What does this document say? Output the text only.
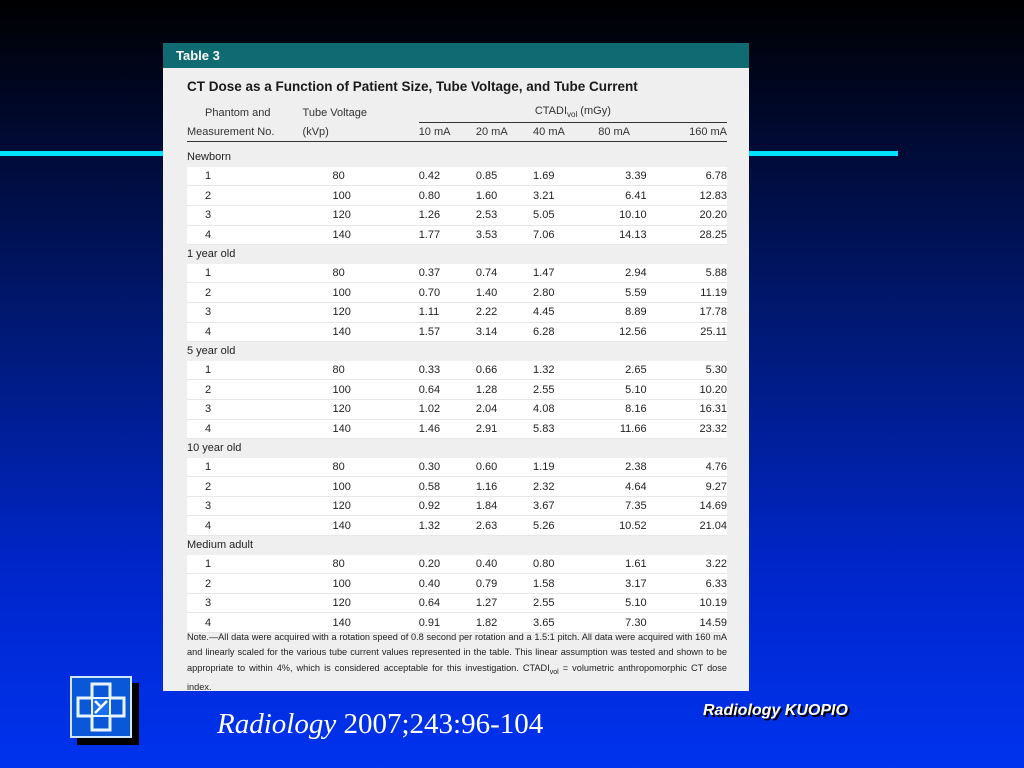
Table 3
CT Dose as a Function of Patient Size, Tube Voltage, and Tube Current
Phantom and	Tube Voltage	$CTADI_{vol}$ (mGy)				
Measurement No.	(kVp)	10 mA	20 mA	40 mA	80 mA	160 mA

Newborn						
1	80	0.42	0.85	1.69	3.39	6.78
2	100	0.80	1.60	3.21	6.41	12.83
3	120	1.26	2.53	5.05	10.10	20.20
4	140	1.77	3.53	7.06	14.13	28.25
1 year old						
1	80	0.37	0.74	1.47	2.94	5.88
2	100	0.70	1.40	2.80	5.59	11.19
3	120	1.11	2.22	4.45	8.89	17.78
4	140	1.57	3.14	6.28	12.56	25.11
5 year old						
1	80	0.33	0.66	1.32	2.65	5.30
2	100	0.64	1.28	2.55	5.10	10.20
3	120	1.02	2.04	4.08	8.16	16.31
4	140	1.46	2.91	5.83	11.66	23.32
10 year old						
1	80	0.30	0.60	1.19	2.38	4.76
2	100	0.58	1.16	2.32	4.64	9.27
3	120	0.92	1.84	3.67	7.35	14.69
4	140	1.32	2.63	5.26	10.52	21.04
Medium adult						
1	80	0.20	0.40	0.80	1.61	3.22
2	100	0.40	0.79	1.58	3.17	6.33
3	120	0.64	1.27	2.55	5.10	10.19
4	140	0.91	1.82	3.65	7.30	14.59

Note.—All data were acquired with a rotation speed of 0.8 second per rotation and a 1.5:1 pitch. All data were acquired with 160 mA and linearly scaled for the various tube current values represented in the table. This linear assumption was tested and shown to be appropriate to within 4%, which is considered acceptable for this investigation. $CTADI_{vol}$ = volumetric anthropomorphic CT dose index.
Radiology 2007;243:96-104	Radiology KUOPIO
